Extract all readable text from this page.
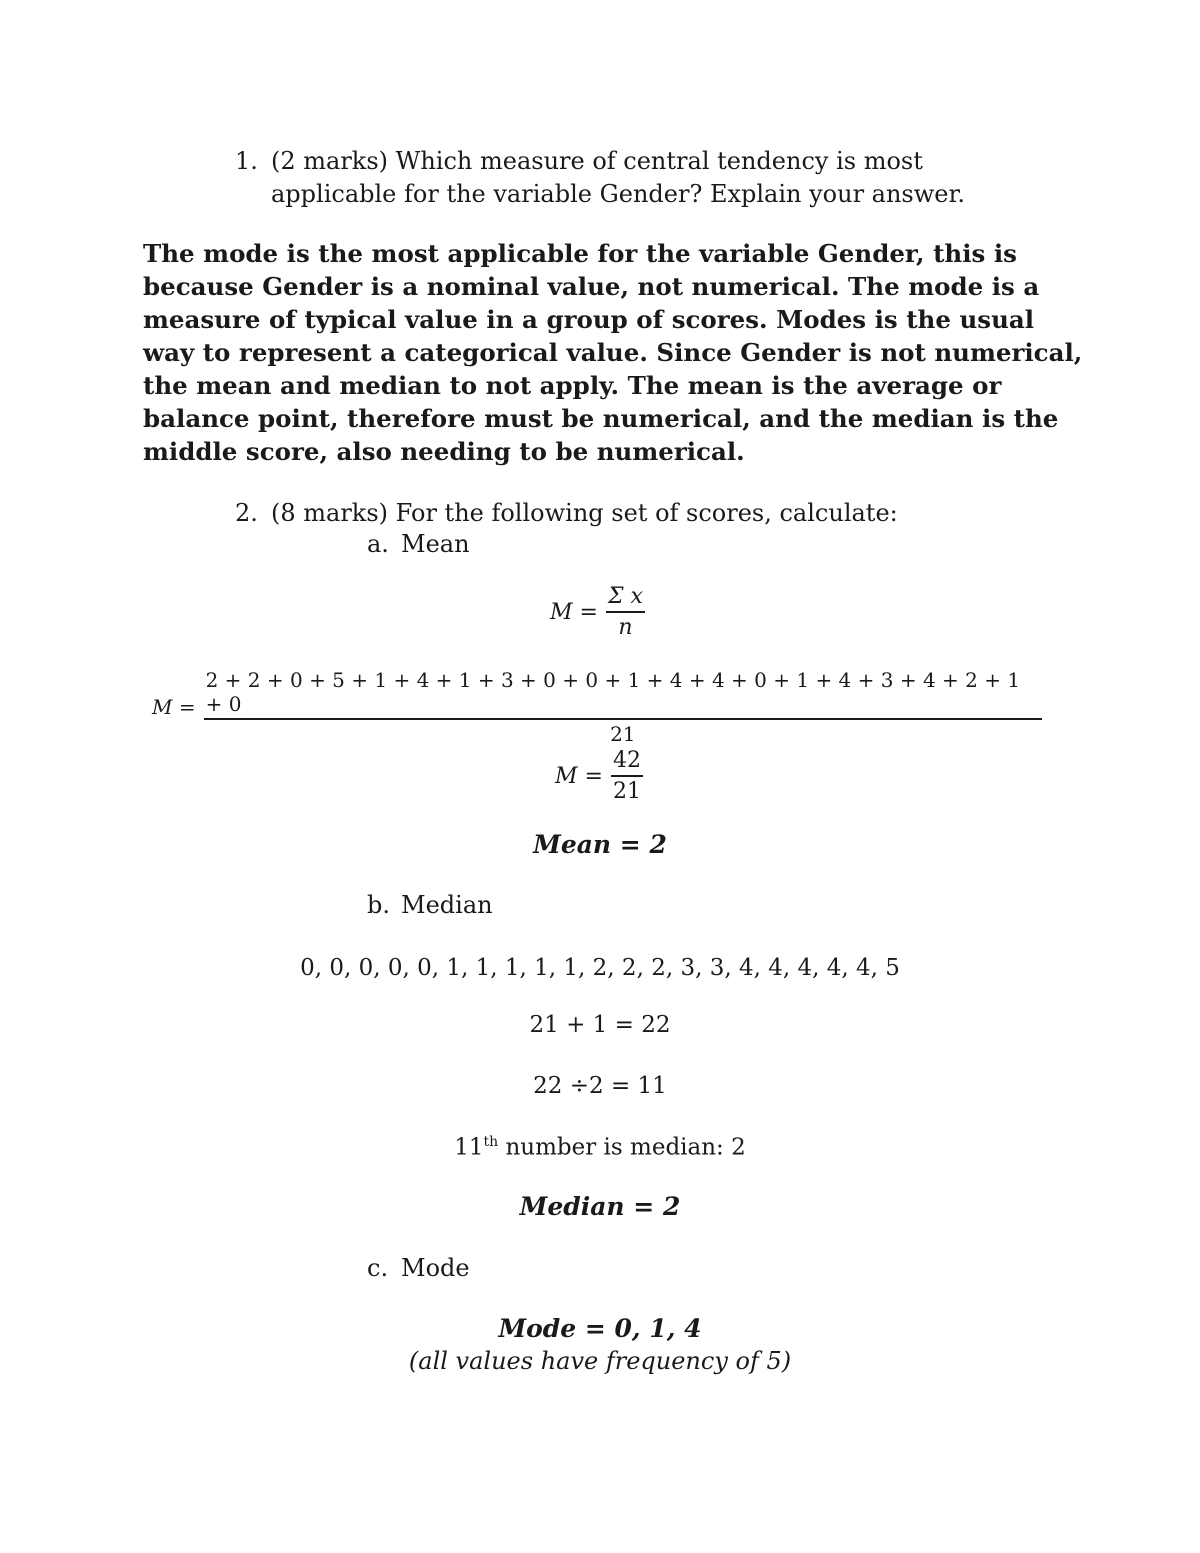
1. (2 marks) Which measure of central tendency is most applicable for the variable Gender? Explain your answer.
The mode is the most applicable for the variable Gender, this is because Gender is a nominal value, not numerical. The mode is a measure of typical value in a group of scores. Modes is the usual way to represent a categorical value. Since Gender is not numerical, the mean and median to not apply. The mean is the average or balance point, therefore must be numerical, and the median is the middle score, also needing to be numerical.
2. (8 marks) For the following set of scores, calculate:
a. Mean
$M = \frac{\text{Σ x}}{n}$
M =
2 + 2 + 0 + 5 + 1 + 4 + 1 + 3 + 0 + 0 + 1 + 4 + 4 + 0 + 1 + 4 + 3 + 4 + 2 + 1 + 0
21
$M = \frac{42}{21}$
Mean = 2
b. Median
0, 0, 0, 0, 0, 1, 1, 1, 1, 1, 2, 2, 2, 3, 3, 4, 4, 4, 4, 4, 5
21 + 1 = 22
22 ÷2 = 11
11th number is median: 2
Median = 2
c. Mode
Mode = 0, 1, 4
(all values have frequency of 5)
